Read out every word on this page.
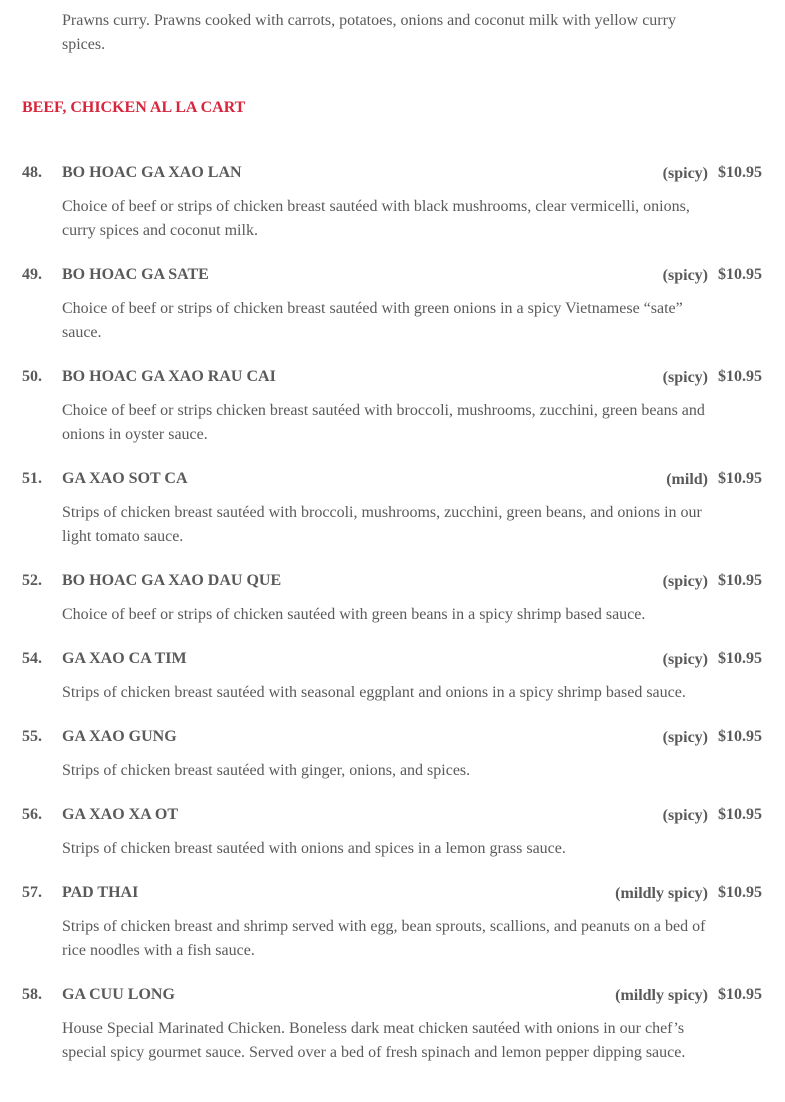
Prawns curry. Prawns cooked with carrots, potatoes, onions and coconut milk with yellow curry spices.
BEEF, CHICKEN AL LA CART
48. BO HOAC GA XAO LAN	(spicy) $10.95
Choice of beef or strips of chicken breast sautéed with black mushrooms, clear vermicelli, onions, curry spices and coconut milk.
49. BO HOAC GA SATE	(spicy) $10.95
Choice of beef or strips of chicken breast sautéed with green onions in a spicy Vietnamese “sate” sauce.
50. BO HOAC GA XAO RAU CAI	(spicy) $10.95
Choice of beef or strips chicken breast sautéed with broccoli, mushrooms, zucchini, green beans and onions in oyster sauce.
51. GA XAO SOT CA	(mild) $10.95
Strips of chicken breast sautéed with broccoli, mushrooms, zucchini, green beans, and onions in our light tomato sauce.
52. BO HOAC GA XAO DAU QUE	(spicy) $10.95
Choice of beef or strips of chicken sautéed with green beans in a spicy shrimp based sauce.
54. GA XAO CA TIM	(spicy) $10.95
Strips of chicken breast sautéed with seasonal eggplant and onions in a spicy shrimp based sauce.
55. GA XAO GUNG	(spicy) $10.95
Strips of chicken breast sautéed with ginger, onions, and spices.
56. GA XAO XA OT	(spicy) $10.95
Strips of chicken breast sautéed with onions and spices in a lemon grass sauce.
57. PAD THAI	(mildly spicy) $10.95
Strips of chicken breast and shrimp served with egg, bean sprouts, scallions, and peanuts on a bed of rice noodles with a fish sauce.
58. GA CUU LONG	(mildly spicy) $10.95
House Special Marinated Chicken. Boneless dark meat chicken sautéed with onions in our chef’s special spicy gourmet sauce. Served over a bed of fresh spinach and lemon pepper dipping sauce.
